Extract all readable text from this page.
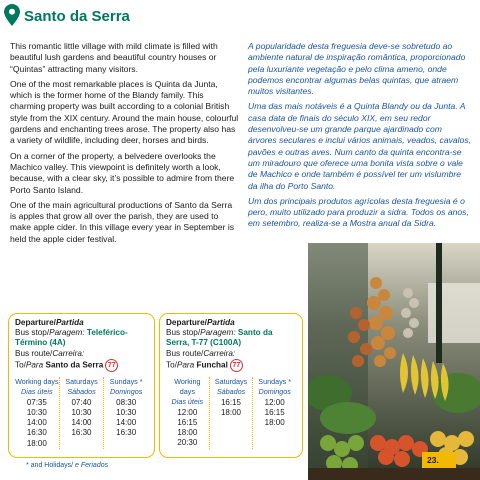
Santo da Serra

This romantic little village with mild climate is filled with beautiful lush gardens and beautiful country houses or “Quintas” attracting many visitors.

One of the most remarkable places is Quinta da Junta, which is the former home of the Blandy family. This charming property was built according to a colonial British style from the XIX century. Around the main house, colourful gardens and enchanting trees arose. The property also has a variety of wildlife, including deer, horses and birds.

On a corner of the property, a belvedere overlooks the Machico valley. This viewpoint is definitely worth a look, because, with a clear sky, it’s possible to admire from there Porto Santo Island.

One of the main agricultural productions of Santo da Serra is apples that grow all over the parish, they are used to make apple cider. In this village every year in September is held the apple cider festival.

A popularidade desta freguesia deve-se sobretudo ao ambiente natural de inspiração romântica, proporcionado pela luxuriante vegetação e pelo clima ameno, onde podemos encontrar algumas belas quintas, que atraem muitos visitantes.

Uma das mais notáveis é a Quinta Blandy ou da Junta. A casa data de finais do século XIX, em seu redor desenvolveu-se um grande parque ajardinado com árvores seculares e inclui vários animais, veados, cavalos, pavões e outras aves. Num canto da quinta encontra-se um miradouro que oferece uma bonita vista sobre o vale de Machico e onde também é possível ter um vislumbre da ilha do Porto Santo.

Um dos principais produtos agrícolas desta freguesia é o pero, muito utilizado para produzir a sidra. Todos os anos, em setembro, realiza-se a Mostra anual da Sidra.

Departure/Partida
Bus stop/Paragem: Teleférico-Término (4A)
Bus route/Carreira:
To/Para Santo da Serra 77
Working days
Dias úteis
07:35
10:30
14:00
16:30
18:00
Saturdays
Sábados
07:40
10:30
14:00
16:30
Sundays *
Domingos
08:30
10:30
14:00
16:30
Departure/Partida
Bus stop/Paragem: Santo da Serra, T-77 (C100A)
Bus route/Carreira:
To/Para Funchal 77
Working days
Dias úteis
12:00
16:15
18:00
20:30
Saturdays
Sábados
16:15
18:00
Sundays *
Domingos
12:00
16:15
18:00
* and Holidays/ e Feriados
23.
